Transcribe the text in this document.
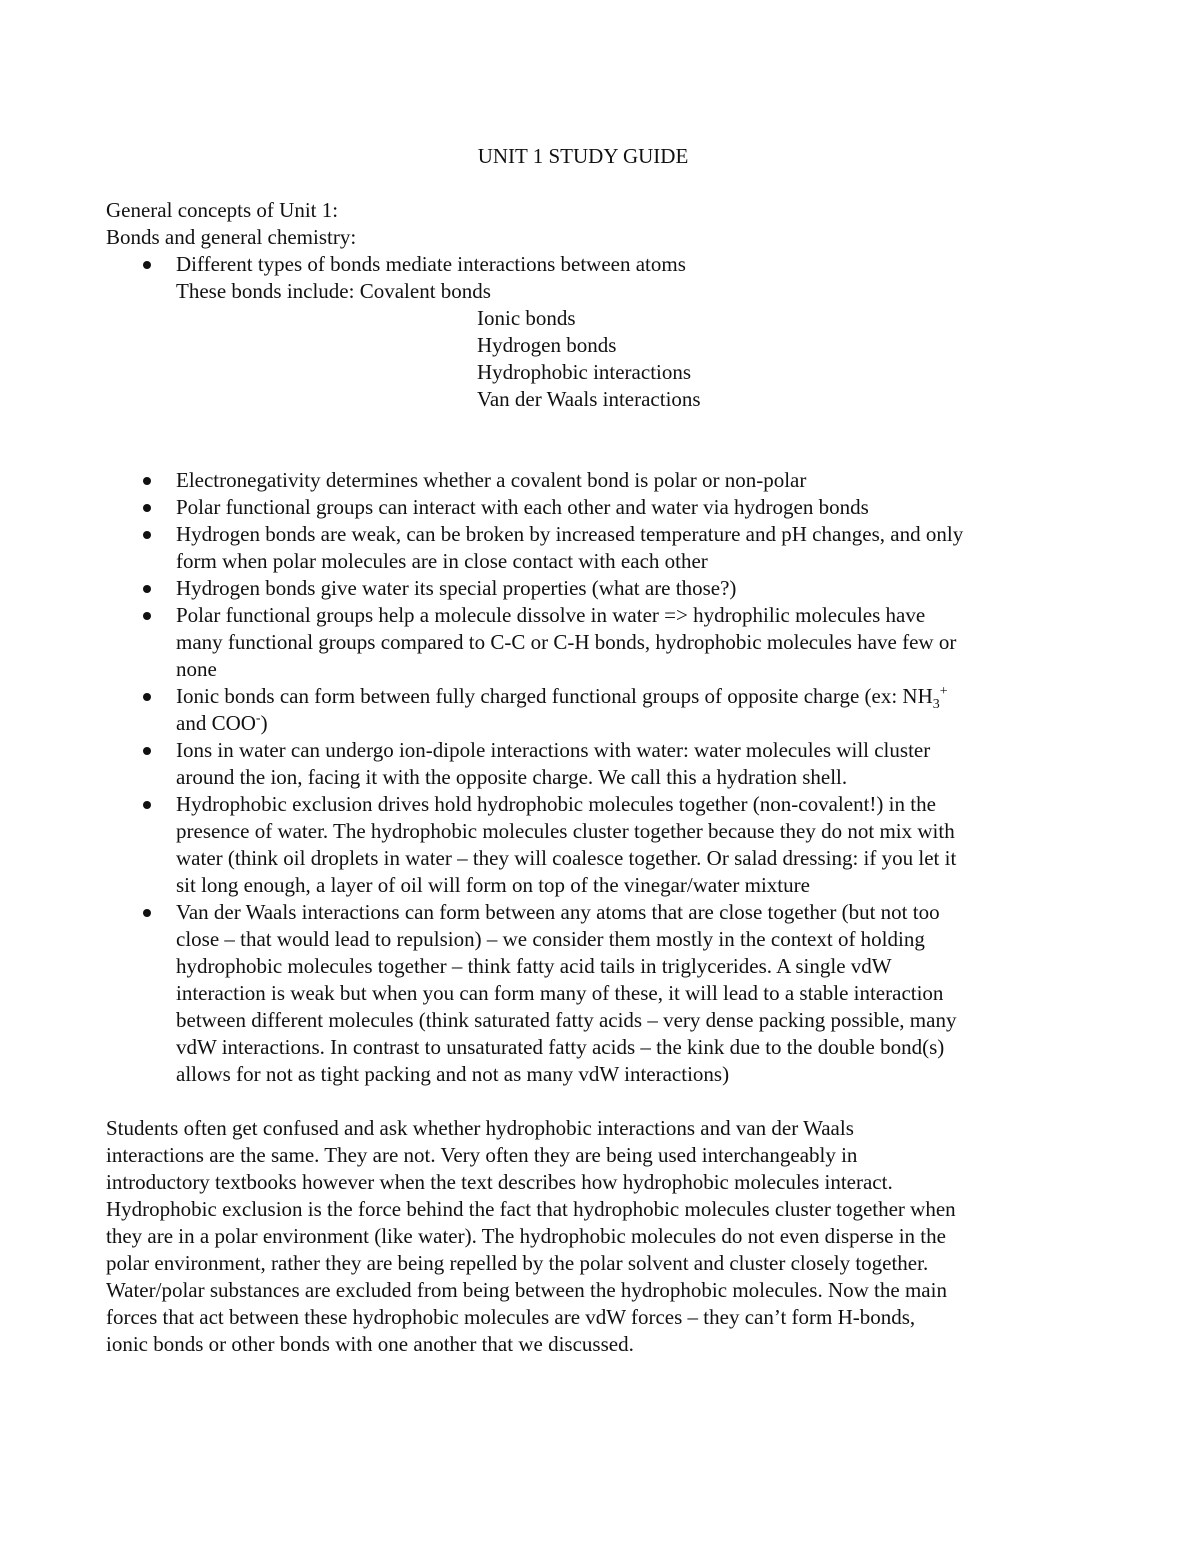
UNIT 1 STUDY GUIDE
General concepts of Unit 1:
Bonds and general chemistry:
Different types of bonds mediate interactions between atoms
These bonds include: Covalent bonds
Ionic bonds
Hydrogen bonds
Hydrophobic interactions
Van der Waals interactions
Electronegativity determines whether a covalent bond is polar or non-polar
Polar functional groups can interact with each other and water via hydrogen bonds
Hydrogen bonds are weak, can be broken by increased temperature and pH changes, and only
form when polar molecules are in close contact with each other
Hydrogen bonds give water its special properties (what are those?)
Polar functional groups help a molecule dissolve in water => hydrophilic molecules have
many functional groups compared to C-C or C-H bonds, hydrophobic molecules have few or
none
Ionic bonds can form between fully charged functional groups of opposite charge (ex: $NH_3^+$
and COO-)
Ions in water can undergo ion-dipole interactions with water: water molecules will cluster
around the ion, facing it with the opposite charge. We call this a hydration shell.
Hydrophobic exclusion drives hold hydrophobic molecules together (non-covalent!) in the
presence of water. The hydrophobic molecules cluster together because they do not mix with
water (think oil droplets in water – they will coalesce together. Or salad dressing: if you let it
sit long enough, a layer of oil will form on top of the vinegar/water mixture
Van der Waals interactions can form between any atoms that are close together (but not too
close – that would lead to repulsion) – we consider them mostly in the context of holding
hydrophobic molecules together – think fatty acid tails in triglycerides. A single vdW
interaction is weak but when you can form many of these, it will lead to a stable interaction
between different molecules (think saturated fatty acids – very dense packing possible, many
vdW interactions. In contrast to unsaturated fatty acids – the kink due to the double bond(s)
allows for not as tight packing and not as many vdW interactions)
Students often get confused and ask whether hydrophobic interactions and van der Waals
interactions are the same. They are not. Very often they are being used interchangeably in
introductory textbooks however when the text describes how hydrophobic molecules interact.
Hydrophobic exclusion is the force behind the fact that hydrophobic molecules cluster together when
they are in a polar environment (like water). The hydrophobic molecules do not even disperse in the
polar environment, rather they are being repelled by the polar solvent and cluster closely together.
Water/polar substances are excluded from being between the hydrophobic molecules. Now the main
forces that act between these hydrophobic molecules are vdW forces – they can’t form H-bonds,
ionic bonds or other bonds with one another that we discussed.
